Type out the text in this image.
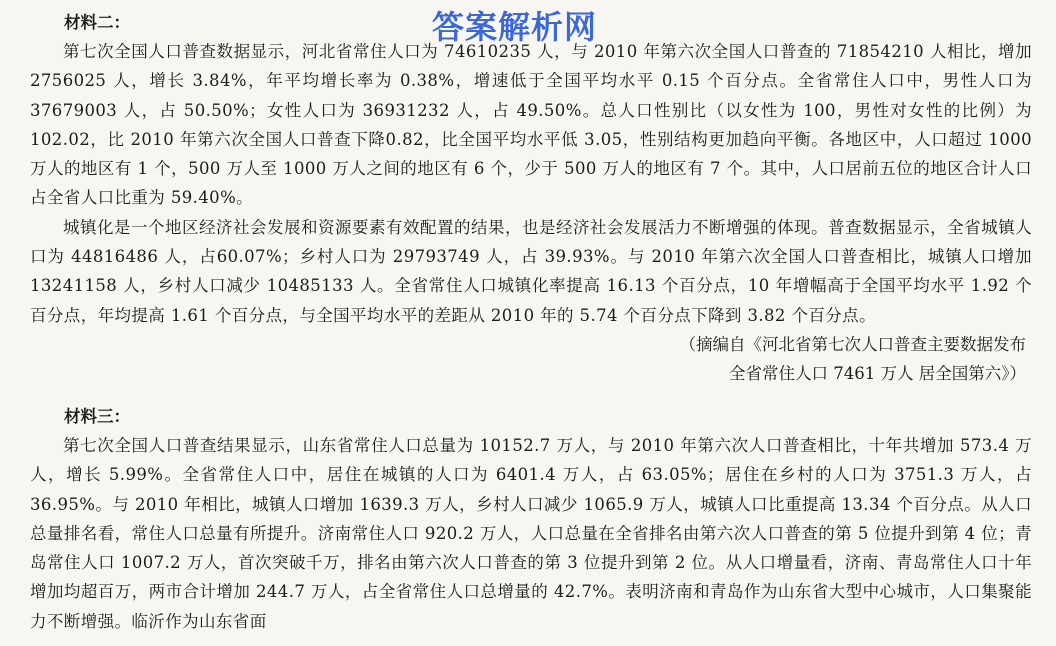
答案解析网
材料二：

第七次全国人口普查数据显示，河北省常住人口为 74610235 人，与 2010 年第六次全国人口普查的 71854210 人相比，增加 2756025 人，增长 3.84%，年平均增长率为 0.38%，增速低于全国平均水平 0.15 个百分点。全省常住人口中，男性人口为 37679003 人，占 50.50%；女性人口为 36931232 人，占 49.50%。总人口性别比（以女性为 100，男性对女性的比例）为 102.02，比 2010 年第六次全国人口普查下降0.82，比全国平均水平低 3.05，性别结构更加趋向平衡。各地区中，人口超过 1000 万人的地区有 1 个，500 万人至 1000 万人之间的地区有 6 个，少于 500 万人的地区有 7 个。其中，人口居前五位的地区合计人口占全省人口比重为 59.40%。

城镇化是一个地区经济社会发展和资源要素有效配置的结果，也是经济社会发展活力不断增强的体现。普查数据显示，全省城镇人口为 44816486 人，占60.07%；乡村人口为 29793749 人，占 39.93%。与 2010 年第六次全国人口普查相比，城镇人口增加 13241158 人，乡村人口减少 10485133 人。全省常住人口城镇化率提高 16.13 个百分点，10 年增幅高于全国平均水平 1.92 个百分点，年均提高 1.61 个百分点，与全国平均水平的差距从 2010 年的 5.74 个百分点下降到 3.82 个百分点。

（摘编自《河北省第七次人口普查主要数据发布

全省常住人口 7461 万人 居全国第六》）

材料三：

第七次全国人口普查结果显示，山东省常住人口总量为 10152.7 万人，与 2010 年第六次人口普查相比，十年共增加 573.4 万人，增长 5.99%。全省常住人口中，居住在城镇的人口为 6401.4 万人，占 63.05%；居住在乡村的人口为 3751.3 万人，占 36.95%。与 2010 年相比，城镇人口增加 1639.3 万人，乡村人口减少 1065.9 万人，城镇人口比重提高 13.34 个百分点。从人口总量排名看，常住人口总量有所提升。济南常住人口 920.2 万人，人口总量在全省排名由第六次人口普查的第 5 位提升到第 4 位；青岛常住人口 1007.2 万人，首次突破千万，排名由第六次人口普查的第 3 位提升到第 2 位。从人口增量看，济南、青岛常住人口十年增加均超百万，两市合计增加 244.7 万人，占全省常住人口总增量的 42.7%。表明济南和青岛作为山东省大型中心城市，人口集聚能力不断增强。临沂作为山东省面
